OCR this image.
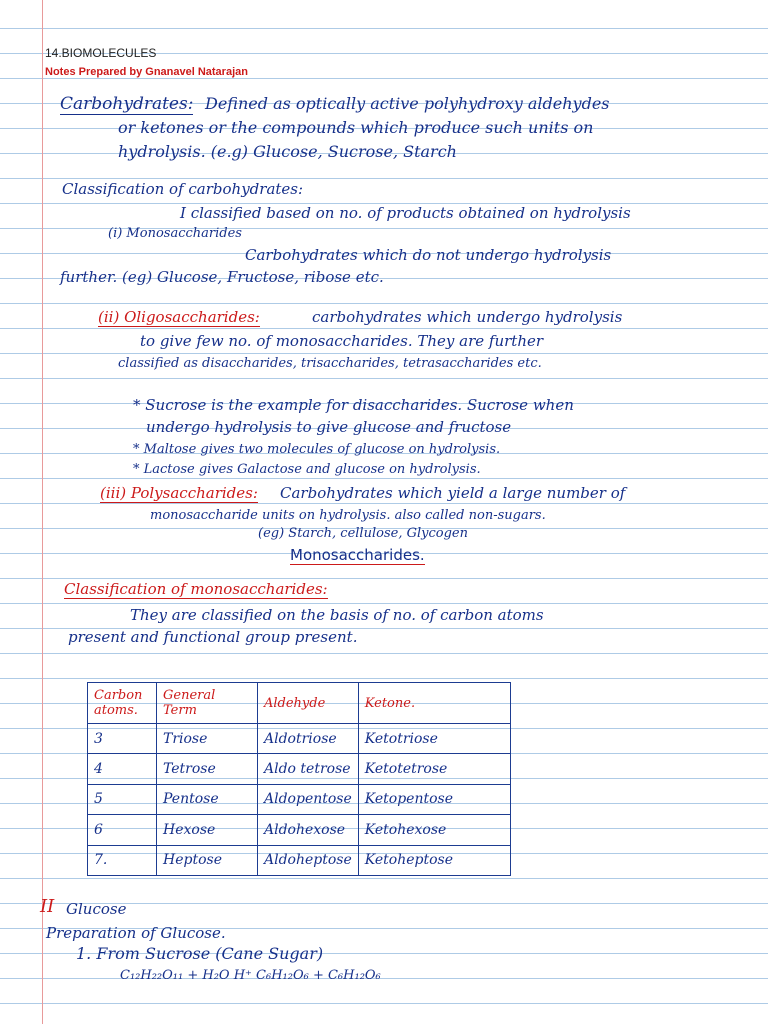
14.BIOMOLECULES
Notes Prepared by Gnanavel Natarajan
Carbohydrates: Defined as optically active polyhydroxy aldehydes
or ketones or the compounds which produce such units on
hydrolysis. (e.g) Glucose, Sucrose, Starch
Classification of carbohydrates:
I classified based on no. of products obtained on hydrolysis
(i) Monosaccharides
Carbohydrates which do not undergo hydrolysis
further. (eg) Glucose, Fructose, ribose etc.
(ii) Oligosaccharides:	carbohydrates which undergo hydrolysis
to give few no. of monosaccharides. They are further
classified as disaccharides, trisaccharides, tetrasaccharides etc.
* Sucrose is the example for disaccharides. Sucrose when
undergo hydrolysis to give glucose and fructose
* Maltose gives two molecules of glucose on hydrolysis.
* Lactose gives Galactose and glucose on hydrolysis.
(iii) Polysaccharides: Carbohydrates which yield a large number of
monosaccharide units on hydrolysis. also called non-sugars.
(eg) Starch, cellulose, Glycogen
Monosaccharides.
Classification of monosaccharides:
They are classified on the basis of no. of carbon atoms
present and functional group present.
Carbon atoms.	General Term	Aldehyde	Ketone.
3	Triose	Aldotriose	Ketotriose
4	Tetrose	Aldo tetrose	Ketotetrose
5	Pentose	Aldopentose	Ketopentose
6	Hexose	Aldohexose	Ketohexose
7.	Heptose	Aldoheptose	Ketoheptose
II Glucose
Preparation of Glucose.
1. From Sucrose (Cane Sugar)
C₁₂H₂₂O₁₁ + H₂O H⁺ C₆H₁₂O₆ + C₆H₁₂O₆
